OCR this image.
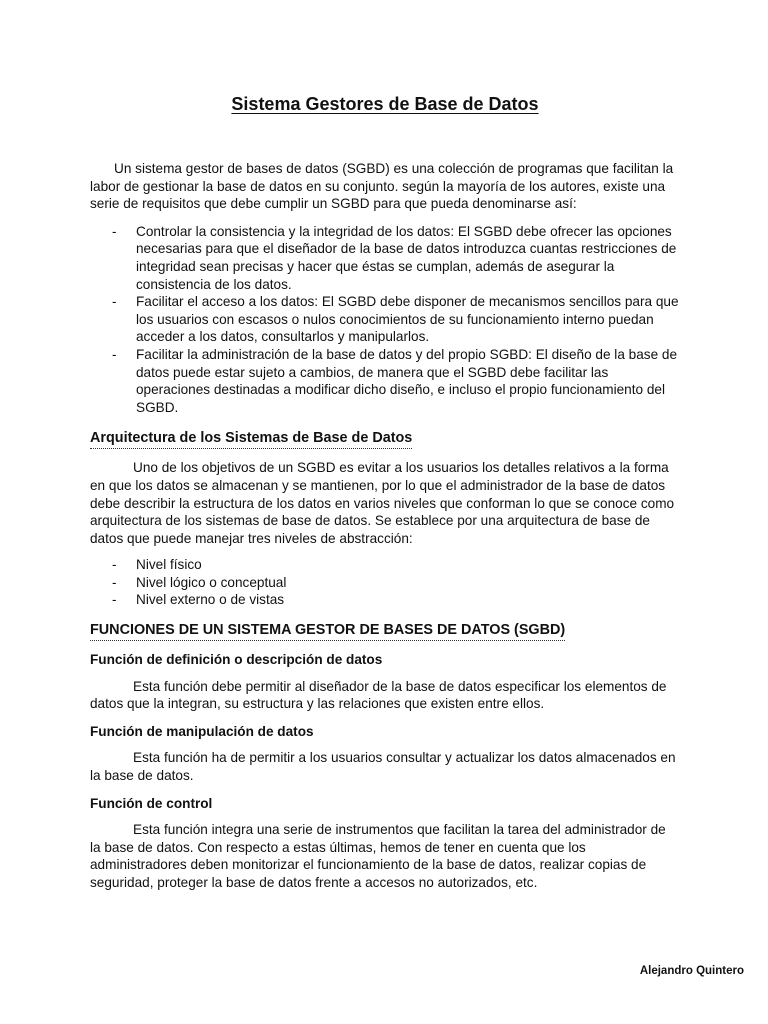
Sistema Gestores de Base de Datos

Un sistema gestor de bases de datos (SGBD) es una colección de programas que facilitan la labor de gestionar la base de datos en su conjunto. según la mayoría de los autores, existe una serie de requisitos que debe cumplir un SGBD para que pueda denominarse así:

- Controlar la consistencia y la integridad de los datos: El SGBD debe ofrecer las opciones necesarias para que el diseñador de la base de datos introduzca cuantas restricciones de integridad sean precisas y hacer que éstas se cumplan, además de asegurar la consistencia de los datos.
- Facilitar el acceso a los datos: El SGBD debe disponer de mecanismos sencillos para que los usuarios con escasos o nulos conocimientos de su funcionamiento interno puedan acceder a los datos, consultarlos y manipularlos.
- Facilitar la administración de la base de datos y del propio SGBD: El diseño de la base de datos puede estar sujeto a cambios, de manera que el SGBD debe facilitar las operaciones destinadas a modificar dicho diseño, e incluso el propio funcionamiento del SGBD.
Arquitectura de los Sistemas de Base de Datos

Uno de los objetivos de un SGBD es evitar a los usuarios los detalles relativos a la forma en que los datos se almacenan y se mantienen, por lo que el administrador de la base de datos debe describir la estructura de los datos en varios niveles que conforman lo que se conoce como arquitectura de los sistemas de base de datos. Se establece por una arquitectura de base de datos que puede manejar tres niveles de abstracción:

- Nivel físico
- Nivel lógico o conceptual
- Nivel externo o de vistas
FUNCIONES DE UN SISTEMA GESTOR DE BASES DE DATOS (SGBD)

Función de definición o descripción de datos

Esta función debe permitir al diseñador de la base de datos especificar los elementos de datos que la integran, su estructura y las relaciones que existen entre ellos.

Función de manipulación de datos

Esta función ha de permitir a los usuarios consultar y actualizar los datos almacenados en la base de datos.

Función de control

Esta función integra una serie de instrumentos que facilitan la tarea del administrador de la base de datos. Con respecto a estas últimas, hemos de tener en cuenta que los administradores deben monitorizar el funcionamiento de la base de datos, realizar copias de seguridad, proteger la base de datos frente a accesos no autorizados, etc.

Alejandro Quintero
